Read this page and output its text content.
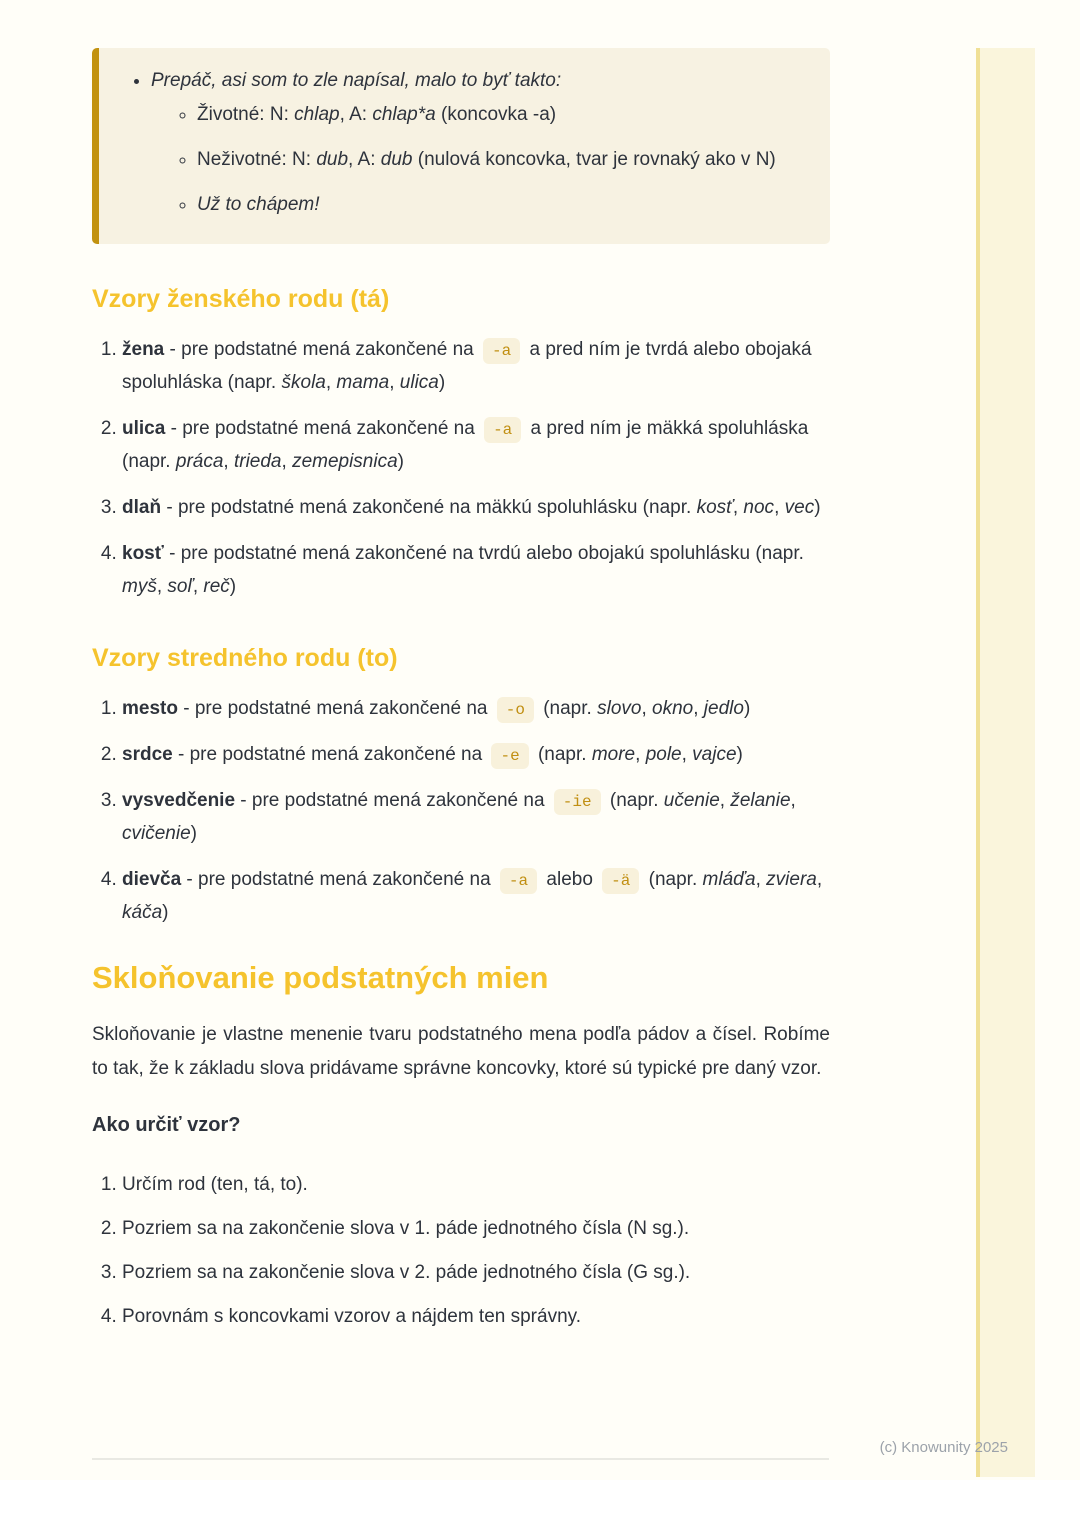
• Prepáč, asi som to zle napísal, malo to byť takto:
◦ Životné: N: chlap, A: chlap*a (koncovka -a)
◦ Neživotné: N: dub, A: dub (nulová koncovka, tvar je rovnaký ako v N)
◦ Už to chápem!
Vzory ženského rodu (tá)
1. žena - pre podstatné mená zakončené na -a a pred ním je tvrdá alebo obojaká spoluhláska (napr. škola, mama, ulica)
2. ulica - pre podstatné mená zakončené na -a a pred ním je mäkká spoluhláska (napr. práca, trieda, zemepisnica)
3. dlaň - pre podstatné mená zakončené na mäkkú spoluhlásku (napr. kosť, noc, vec)
4. kosť - pre podstatné mená zakončené na tvrdú alebo obojakú spoluhlásku (napr. myš, soľ, reč)
Vzory stredného rodu (to)
1. mesto - pre podstatné mená zakončené na -o (napr. slovo, okno, jedlo)
2. srdce - pre podstatné mená zakončené na -e (napr. more, pole, vajce)
3. vysvedčenie - pre podstatné mená zakončené na -ie (napr. učenie, želanie, cvičenie)
4. dievča - pre podstatné mená zakončené na -a alebo -ä (napr. mláďa, zviera, káča)
Skloňovanie podstatných mien

Skloňovanie je vlastne menenie tvaru podstatného mena podľa pádov a čísel. Robíme to tak, že k základu slova pridávame správne koncovky, ktoré sú typické pre daný vzor.

Ako určiť vzor?

1. Určím rod (ten, tá, to).
2. Pozriem sa na zakončenie slova v 1. páde jednotného čísla (N sg.).
3. Pozriem sa na zakončenie slova v 2. páde jednotného čísla (G sg.).
4. Porovnám s koncovkami vzorov a nájdem ten správny.
(c) Knowunity 2025
